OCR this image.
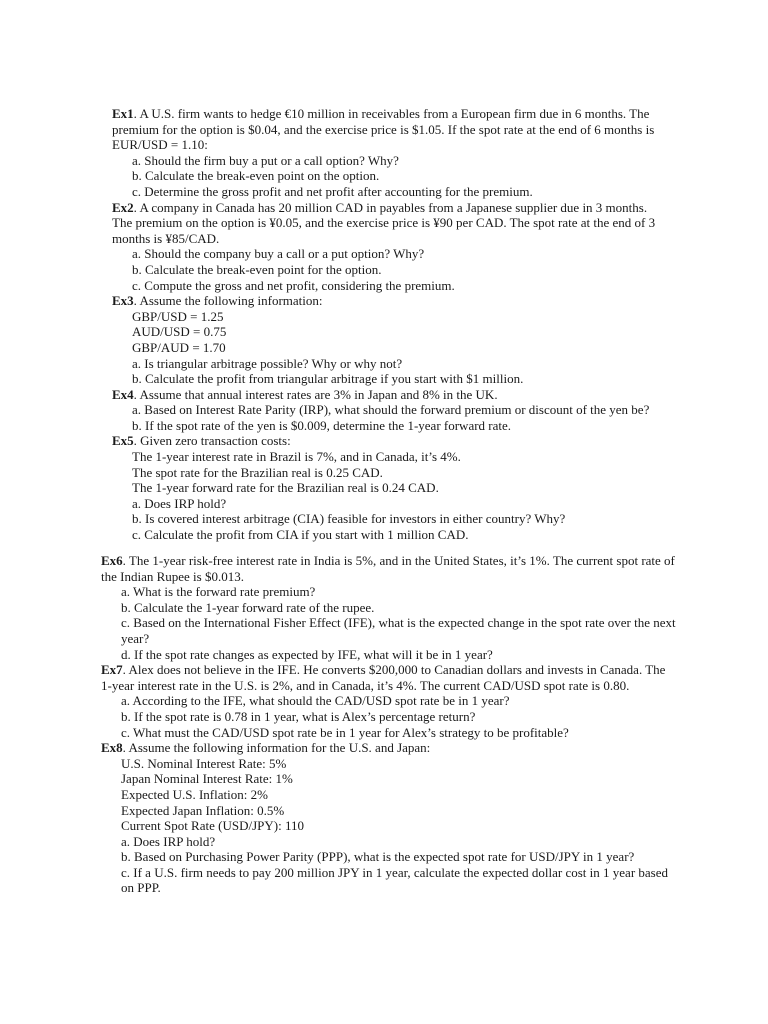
Ex1. A U.S. firm wants to hedge €10 million in receivables from a European firm due in 6 months. The premium for the option is $0.04, and the exercise price is $1.05. If the spot rate at the end of 6 months is EUR/USD = 1.10:

a. Should the firm buy a put or a call option? Why?

b. Calculate the break-even point on the option.

c. Determine the gross profit and net profit after accounting for the premium.

Ex2. A company in Canada has 20 million CAD in payables from a Japanese supplier due in 3 months. The premium on the option is ¥0.05, and the exercise price is ¥90 per CAD. The spot rate at the end of 3 months is ¥85/CAD.

a. Should the company buy a call or a put option? Why?

b. Calculate the break-even point for the option.

c. Compute the gross and net profit, considering the premium.

Ex3. Assume the following information:

GBP/USD = 1.25

AUD/USD = 0.75

GBP/AUD = 1.70

a. Is triangular arbitrage possible? Why or why not?

b. Calculate the profit from triangular arbitrage if you start with $1 million.

Ex4. Assume that annual interest rates are 3% in Japan and 8% in the UK.

a. Based on Interest Rate Parity (IRP), what should the forward premium or discount of the yen be?

b. If the spot rate of the yen is $0.009, determine the 1-year forward rate.

Ex5. Given zero transaction costs:

The 1-year interest rate in Brazil is 7%, and in Canada, it’s 4%.

The spot rate for the Brazilian real is 0.25 CAD.

The 1-year forward rate for the Brazilian real is 0.24 CAD.

a. Does IRP hold?

b. Is covered interest arbitrage (CIA) feasible for investors in either country? Why?

c. Calculate the profit from CIA if you start with 1 million CAD.

Ex6. The 1-year risk-free interest rate in India is 5%, and in the United States, it’s 1%. The current spot rate of the Indian Rupee is $0.013.

a. What is the forward rate premium?

b. Calculate the 1-year forward rate of the rupee.

c. Based on the International Fisher Effect (IFE), what is the expected change in the spot rate over the next year?

d. If the spot rate changes as expected by IFE, what will it be in 1 year?

Ex7. Alex does not believe in the IFE. He converts $200,000 to Canadian dollars and invests in Canada. The 1-year interest rate in the U.S. is 2%, and in Canada, it’s 4%. The current CAD/USD spot rate is 0.80.

a. According to the IFE, what should the CAD/USD spot rate be in 1 year?

b. If the spot rate is 0.78 in 1 year, what is Alex’s percentage return?

c. What must the CAD/USD spot rate be in 1 year for Alex’s strategy to be profitable?

Ex8. Assume the following information for the U.S. and Japan:

U.S. Nominal Interest Rate: 5%

Japan Nominal Interest Rate: 1%

Expected U.S. Inflation: 2%

Expected Japan Inflation: 0.5%

Current Spot Rate (USD/JPY): 110

a. Does IRP hold?

b. Based on Purchasing Power Parity (PPP), what is the expected spot rate for USD/JPY in 1 year?

c. If a U.S. firm needs to pay 200 million JPY in 1 year, calculate the expected dollar cost in 1 year based on PPP.
